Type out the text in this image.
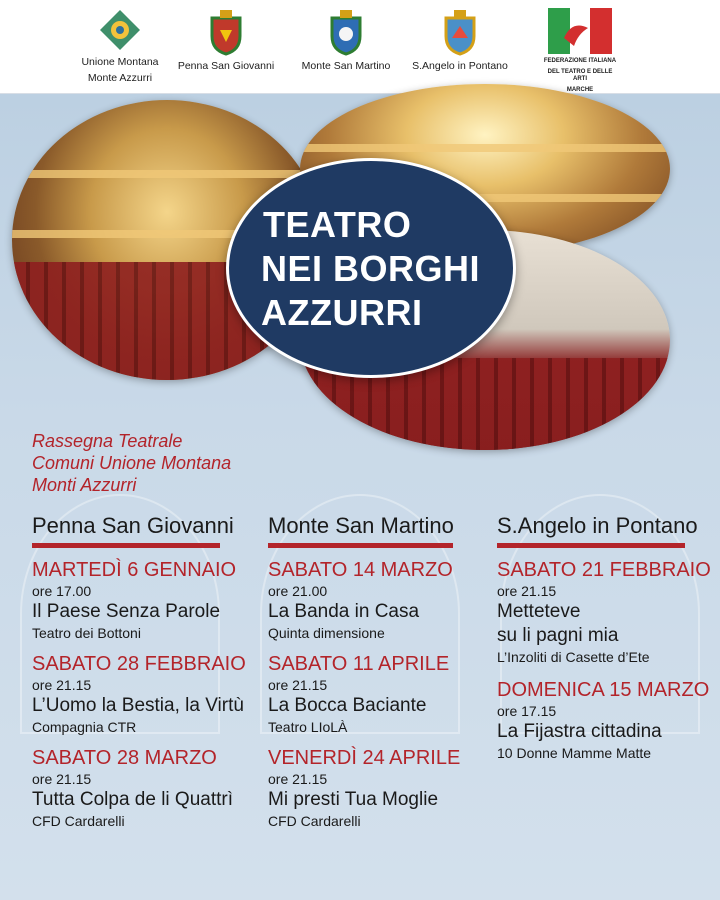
Unione Montana
Monte Azzurri
Penna San Giovanni	Monte San Martino	S.Angelo in Pontano	FEDERAZIONE ITALIANA
DEL TEATRO E DELLE ARTI
MARCHE
TEATRO
NEI BORGHI
AZZURRI
Rassegna Teatrale
Comuni Unione Montana
Monti Azzurri
Penna San Giovanni
MARTEDÌ 6 GENNAIO
ore 17.00
Il Paese Senza Parole
Teatro dei Bottoni
SABATO 28 FEBBRAIO
ore 21.15
L’Uomo la Bestia, la Virtù
Compagnia CTR
SABATO 28 MARZO
ore 21.15
Tutta Colpa de li Quattrì
CFD Cardarelli
Monte San Martino
SABATO 14 MARZO
ore 21.00
La Banda in Casa
Quinta dimensione
SABATO 11 APRILE
ore 21.15
La Bocca Baciante
Teatro LIoLÀ
VENERDÌ 24 APRILE
ore 21.15
Mi presti Tua Moglie
CFD Cardarelli
S.Angelo in Pontano
SABATO 21 FEBBRAIO
ore 21.15
Metteteve
su li pagni mia
L’Inzoliti di Casette d’Ete
DOMENICA 15 MARZO
ore 17.15
La Fijastra cittadina
10 Donne Mamme Matte
